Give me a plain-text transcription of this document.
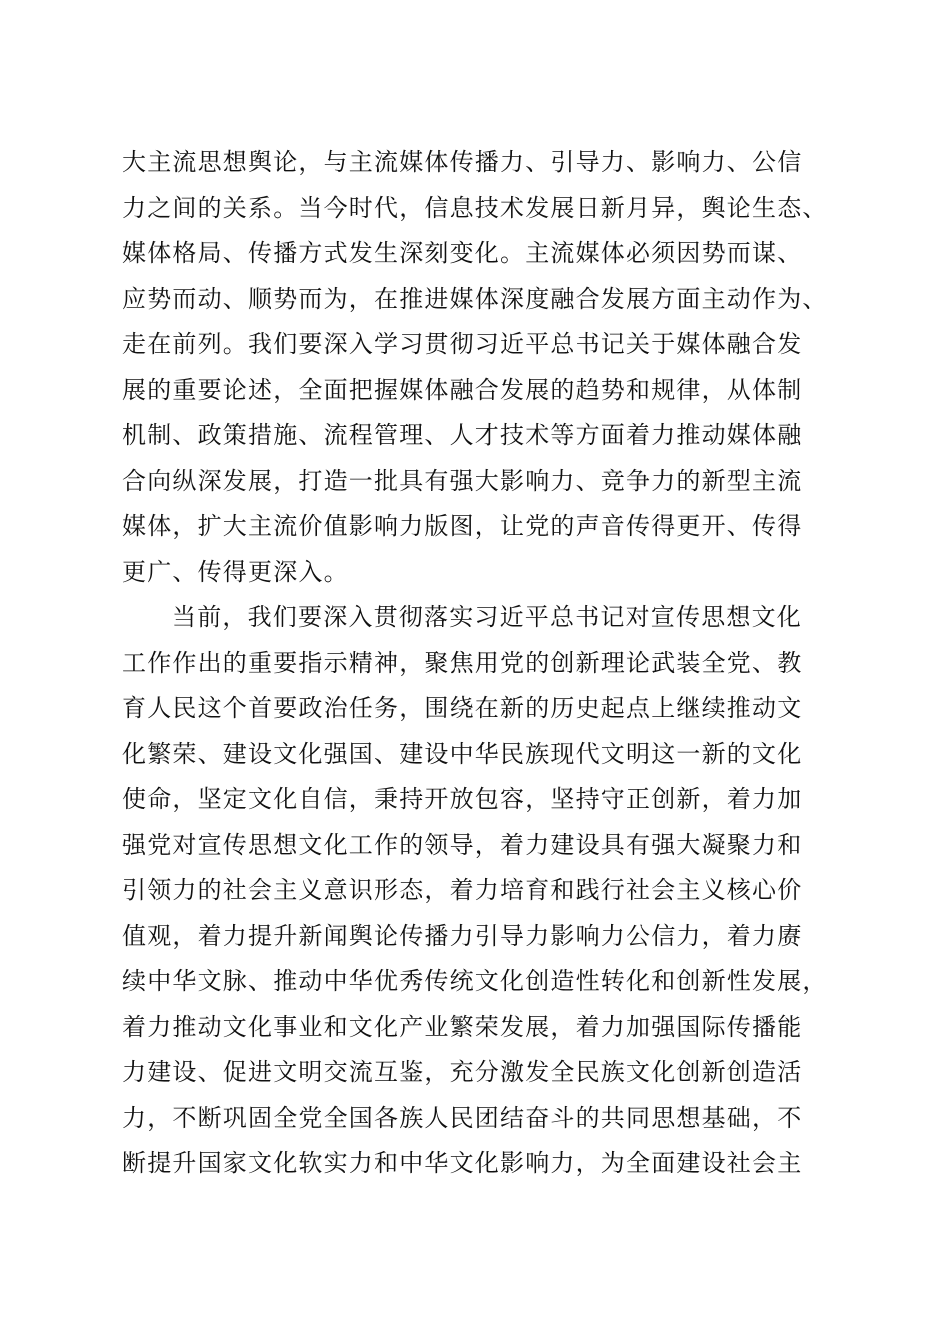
大主流思想舆论，与主流媒体传播力、引导力、影响力、公信
力之间的关系。当今时代，信息技术发展日新月异，舆论生态、
媒体格局、传播方式发生深刻变化。主流媒体必须因势而谋、
应势而动、顺势而为，在推进媒体深度融合发展方面主动作为、
走在前列。我们要深入学习贯彻习近平总书记关于媒体融合发
展的重要论述，全面把握媒体融合发展的趋势和规律，从体制
机制、政策措施、流程管理、人才技术等方面着力推动媒体融
合向纵深发展，打造一批具有强大影响力、竞争力的新型主流
媒体，扩大主流价值影响力版图，让党的声音传得更开、传得
更广、传得更深入。
当前，我们要深入贯彻落实习近平总书记对宣传思想文化
工作作出的重要指示精神，聚焦用党的创新理论武装全党、教
育人民这个首要政治任务，围绕在新的历史起点上继续推动文
化繁荣、建设文化强国、建设中华民族现代文明这一新的文化
使命，坚定文化自信，秉持开放包容，坚持守正创新，着力加
强党对宣传思想文化工作的领导，着力建设具有强大凝聚力和
引领力的社会主义意识形态，着力培育和践行社会主义核心价
值观，着力提升新闻舆论传播力引导力影响力公信力，着力赓
续中华文脉、推动中华优秀传统文化创造性转化和创新性发展，
着力推动文化事业和文化产业繁荣发展，着力加强国际传播能
力建设、促进文明交流互鉴，充分激发全民族文化创新创造活
力，不断巩固全党全国各族人民团结奋斗的共同思想基础，不
断提升国家文化软实力和中华文化影响力，为全面建设社会主
